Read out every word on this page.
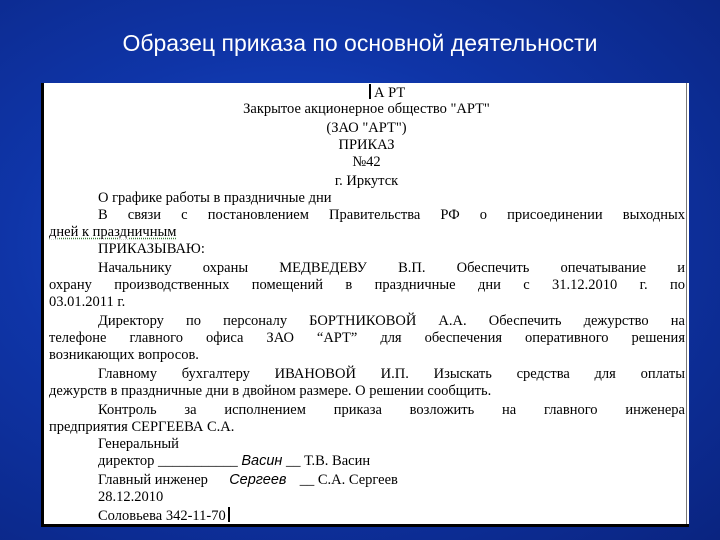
Образец приказа по основной деятельности
А РТ
Закрытое акционерное общество "АРТ"
(ЗАО "АРТ")
ПРИКАЗ
№42
г. Иркутск
О графике работы в праздничные дни
В связи с постановлением Правительства РФ о присоединении выходных
дней к праздничным
ПРИКАЗЫВАЮ:
Начальнику охраны МЕДВЕДЕВУ В.П. Обеспечить опечатывание и
охрану производственных помещений в праздничные дни с 31.12.2010 г. по
03.01.2011 г.
Директору по персоналу БОРТНИКОВОЙ А.А. Обеспечить дежурство на
телефоне главного офиса ЗАО “АРТ” для обеспечения оперативного решения
возникающих вопросов.
Главному бухгалтеру ИВАНОВОЙ И.П. Изыскать средства для оплаты
дежурств в праздничные дни в двойном размере. О решении сообщить.
Контроль за исполнением приказа возложить на главного инженера
предприятия СЕРГЕЕВА С.А.
Генеральный
директор ___________ Васин __ Т.В. Васин
Главный инженер Сергеев __ С.А. Сергеев
28.12.2010
Соловьева 342-11-70
